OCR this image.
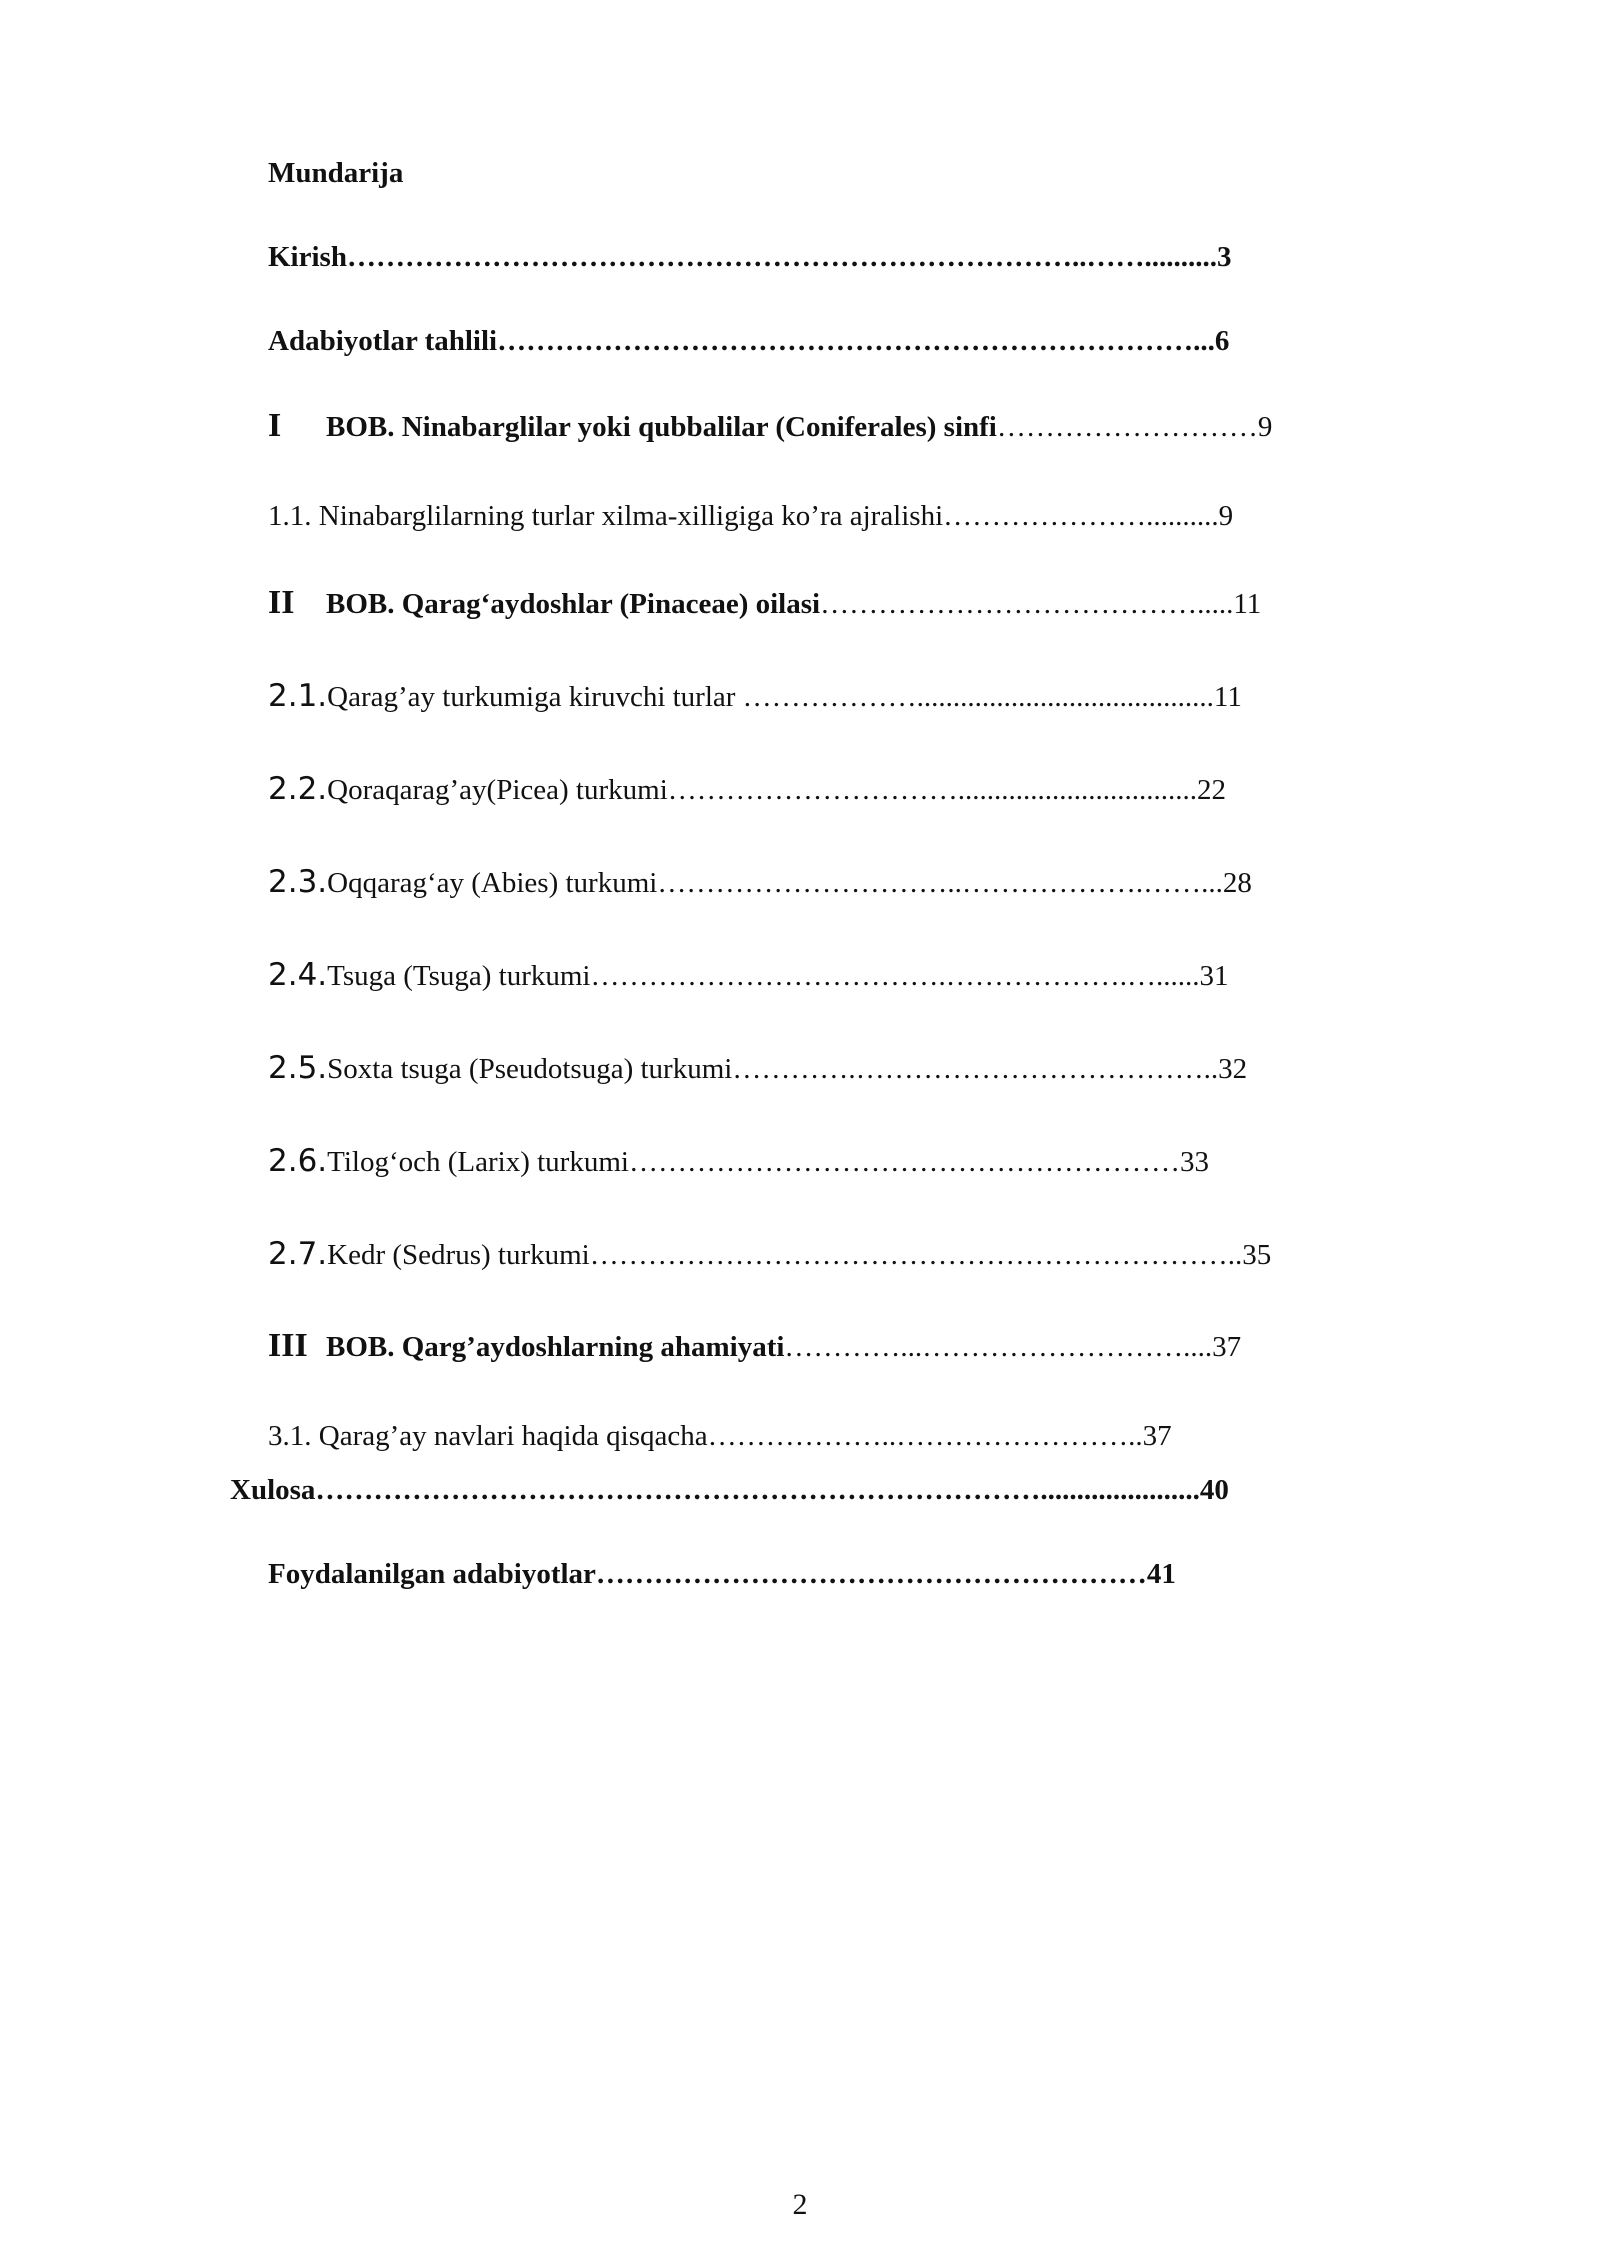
Mundarija
Kirish…………………………………………………………………..……..........3
Adabiyotlar tahlili………………………………………………………………...6
I BOB. Ninabarglilar yoki qubbalilar (Coniferales) sinfi………………………9
1.1. Ninabarglilarning turlar xilma-xilligiga ko’ra ajralishi…………………..........9
II BOB. Qarag‘aydoshlar (Pinaceae) oilasi………………………………….....11
2.1.Qarag’ay turkumiga kiruvchi turlar ……………….........................................11
2.2.Qoraqarag’ay(Picea) turkumi………………………….................................22
2.3.Oqqarag‘ay (Abies) turkumi…………………………..……………….……...28
2.4.Tsuga (Tsuga) turkumi……………………………….……………….…......31
2.5.Soxta tsuga (Pseudotsuga) turkumi………….………………………………..32
2.6.Tilog‘och (Larix) turkumi…………………………………………………33
2.7.Kedr (Sedrus) turkumi…………………………………………………………..35
III BOB. Qarg’aydoshlarning ahamiyati…………...………………………....37
3.1. Qarag’ay navlari haqida qisqacha………………..……………………..37
Xulosa…………………………………………………………………......................40
Foydalanilgan adabiyotlar…………………………………………………41
2
